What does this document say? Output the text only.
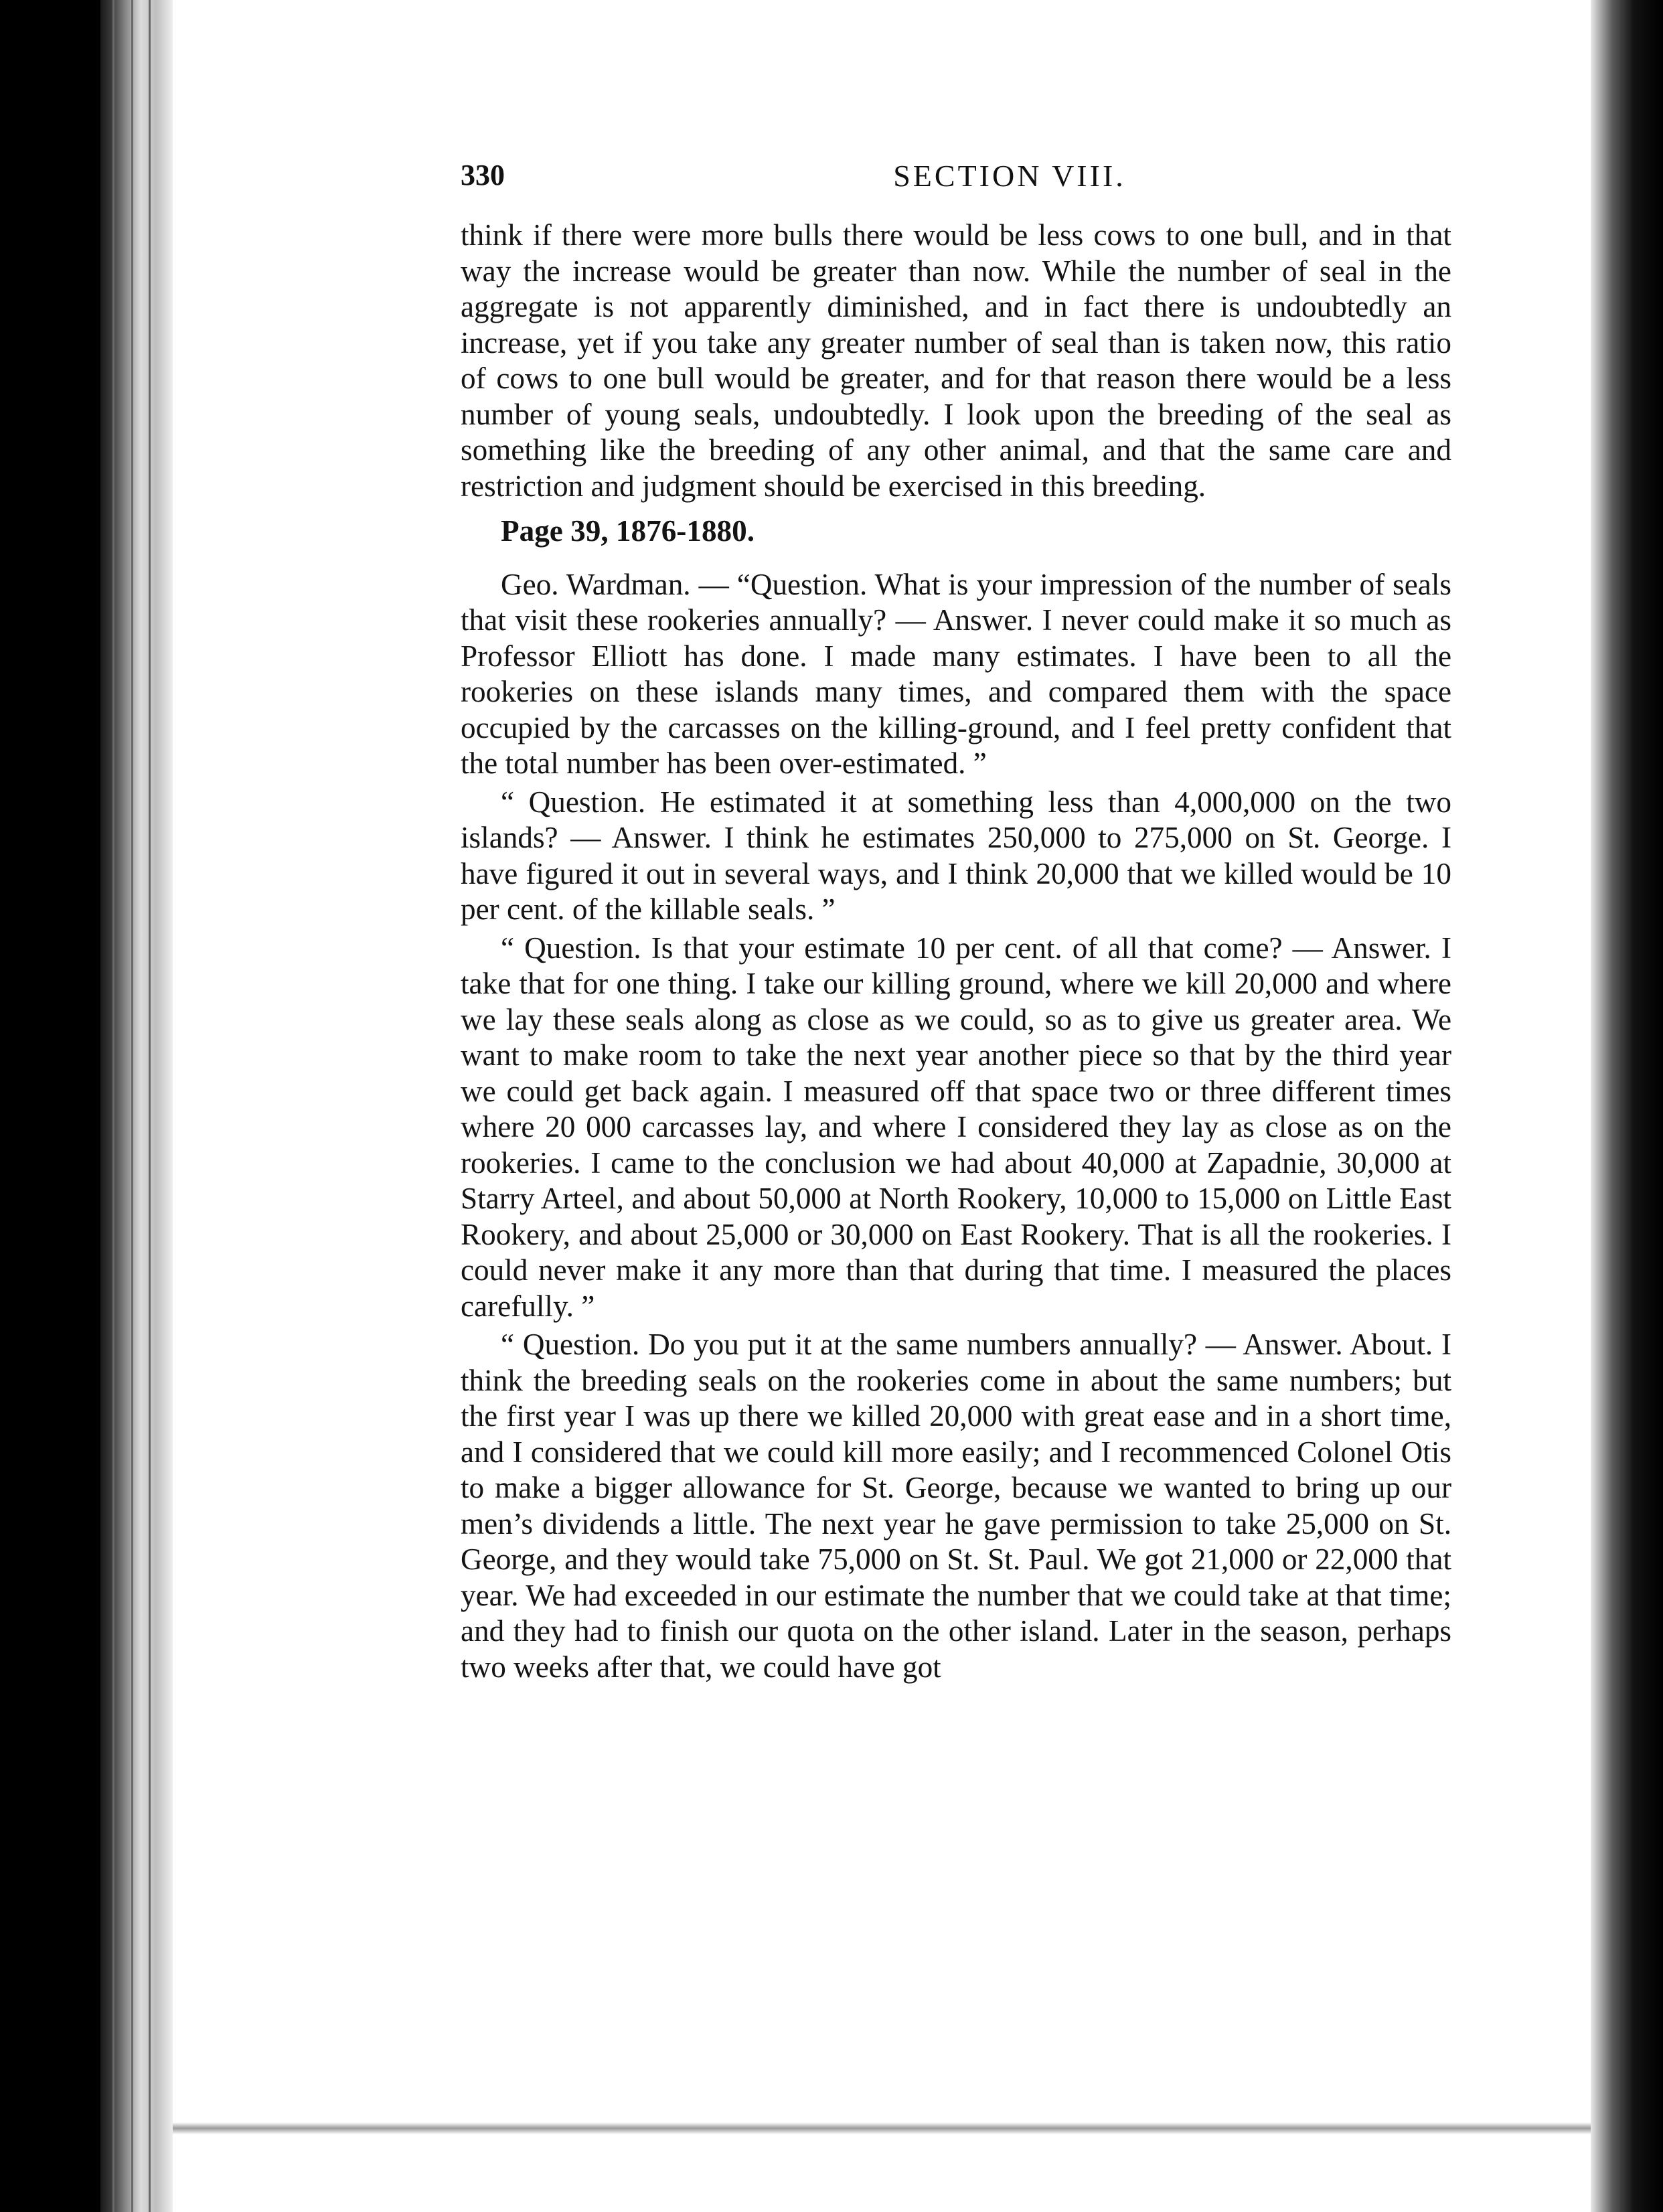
330	SECTION VIII.

think if there were more bulls there would be less cows to one bull, and in that way the increase would be greater than now. While the number of seal in the aggregate is not apparently diminished, and in fact there is undoubtedly an increase, yet if you take any greater number of seal than is taken now, this ratio of cows to one bull would be greater, and for that reason there would be a less number of young seals, undoubtedly. I look upon the breeding of the seal as something like the breeding of any other animal, and that the same care and restriction and judgment should be exercised in this breeding.

Page 39, 1876-1880.

Geo. Wardman. — “Question. What is your impression of the number of seals that visit these rookeries annually? — Answer. I never could make it so much as Professor Elliott has done. I made many estimates. I have been to all the rookeries on these islands many times, and compared them with the space occupied by the carcasses on the killing-ground, and I feel pretty confident that the total number has been over-estimated. ”

“ Question. He estimated it at something less than 4,000,000 on the two islands? — Answer. I think he estimates 250,000 to 275,000 on St. George. I have figured it out in several ways, and I think 20,000 that we killed would be 10 per cent. of the killable seals. ”

“ Question. Is that your estimate 10 per cent. of all that come? — Answer. I take that for one thing. I take our killing ground, where we kill 20,000 and where we lay these seals along as close as we could, so as to give us greater area. We want to make room to take the next year another piece so that by the third year we could get back again. I measured off that space two or three different times where 20 000 carcasses lay, and where I considered they lay as close as on the rookeries. I came to the conclusion we had about 40,000 at Zapadnie, 30,000 at Starry Arteel, and about 50,000 at North Rookery, 10,000 to 15,000 on Little East Rookery, and about 25,000 or 30,000 on East Rookery. That is all the rookeries. I could never make it any more than that during that time. I measured the places carefully. ”

“ Question. Do you put it at the same numbers annually? — Answer. About. I think the breeding seals on the rookeries come in about the same numbers; but the first year I was up there we killed 20,000 with great ease and in a short time, and I considered that we could kill more easily; and I recommenced Colonel Otis to make a bigger allowance for St. George, because we wanted to bring up our men’s dividends a little. The next year he gave permission to take 25,000 on St. George, and they would take 75,000 on St. St. Paul. We got 21,000 or 22,000 that year. We had exceeded in our estimate the number that we could take at that time; and they had to finish our quota on the other island. Later in the season, perhaps two weeks after that, we could have got
